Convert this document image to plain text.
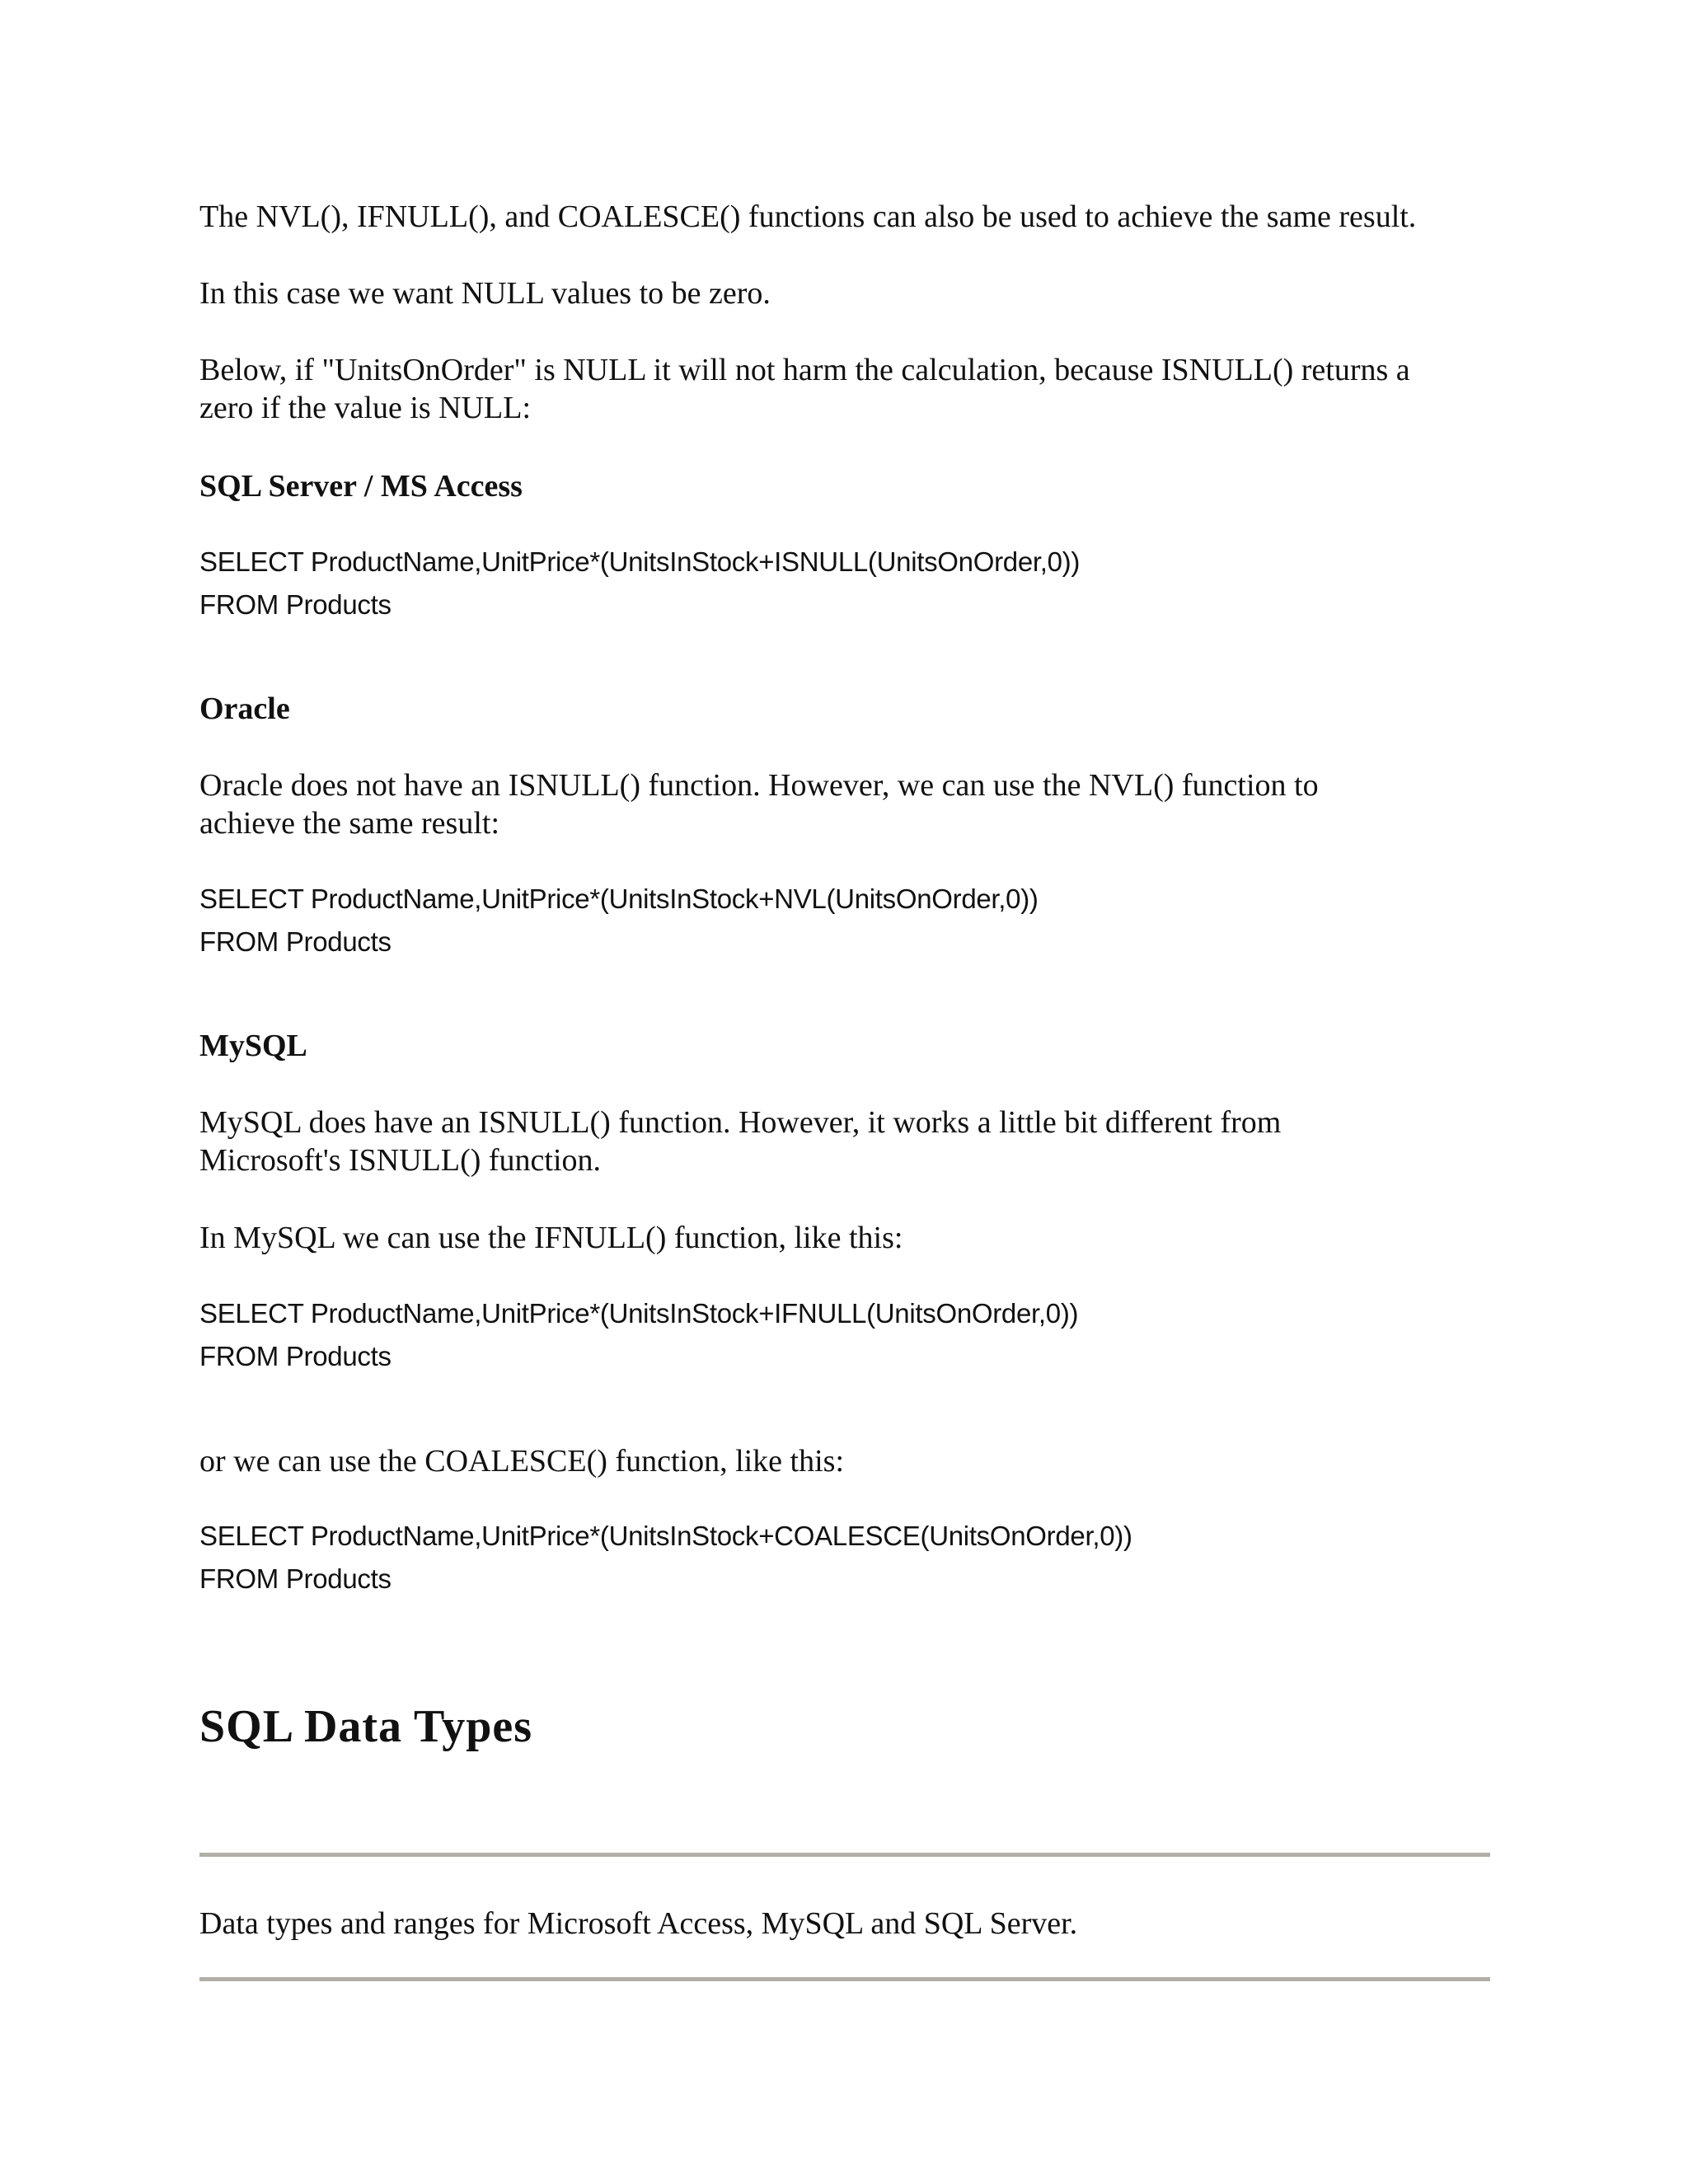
The NVL(), IFNULL(), and COALESCE() functions can also be used to achieve the same result.

In this case we want NULL values to be zero.

Below, if "UnitsOnOrder" is NULL it will not harm the calculation, because ISNULL() returns a

zero if the value is NULL:

SQL Server / MS Access
SELECT ProductName,UnitPrice*(UnitsInStock+ISNULL(UnitsOnOrder,0))
FROM Products
Oracle

Oracle does not have an ISNULL() function. However, we can use the NVL() function to

achieve the same result:

SELECT ProductName,UnitPrice*(UnitsInStock+NVL(UnitsOnOrder,0))
FROM Products
MySQL

MySQL does have an ISNULL() function. However, it works a little bit different from

Microsoft's ISNULL() function.

In MySQL we can use the IFNULL() function, like this:

SELECT ProductName,UnitPrice*(UnitsInStock+IFNULL(UnitsOnOrder,0))
FROM Products

or we can use the COALESCE() function, like this:

SELECT ProductName,UnitPrice*(UnitsInStock+COALESCE(UnitsOnOrder,0))
FROM Products
SQL Data Types

Data types and ranges for Microsoft Access, MySQL and SQL Server.
